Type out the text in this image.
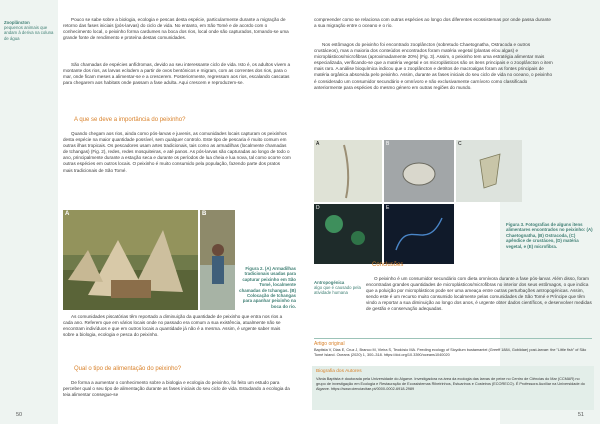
Zooplâncton
pequenos animais que andam à deriva na coluna de água

Pouco se sabe sobre a biologia, ecologia e pescas desta espécie, particularmente durante a migração de retorno das fases iniciais (pós-larvas) do ciclo de vida. No entanto, em São Tomé e de acordo com o conhecimento local, o peixinho forma cardumes na boca dos rios, local onde são capturados, tornando-se uma grande fonte de rendimento e proteína destas comunidades.

São chamadas de espécies anfídromas, devido ao seu interessante ciclo de vida. Isto é, os adultos vivem a montante dos rios, as larvas eclodem a partir de ovos bentónicos e migram, com as correntes dos rios, para o mar, onde ficam meses a alimentar-se e a crescerem. Posteriormente, regressam aos rios, escalando cascatas para chegarem aos habitats onde passam a fase adulta. Aqui crescem e reproduzem-se.

A que se deve a importância do peixinho?

Quando chegam aos rios, ainda como pós-larvas e juvenis, as comunidades locais capturam os peixinhos desta espécie na maior quantidade possível, sem qualquer controlo. Este tipo de pescaria é muito comum em outras ilhas tropicais. Os pescadores usam artes tradicionais, tais como as armadilhas (localmente chamadas de tchangas) (Fig. 2), redes, redes mosquiteiras, e até panos. As pós-larvas são capturadas ao longo de todo o ano, principalmente durante a estação seca e durante os períodos de lua cheia e lua nova, tal como ocorre com outras espécies em outros locais. O peixinho é muito consumido pela população, fazendo parte dos pratos mais tradicionais de São Tomé.

A	B
Figura 2. (A) Armadilhas tradicionais usadas para capturar peixinho em São Tomé, localmente chamadas de tchangas. (B) Colocação de tchangas para apanhar peixinho na boca do rio.

As comunidades piscatórias têm reportado a diminuição da quantidade de peixinho que entra nos rios a cada ano. Referem que em vários locais onde no passado era comum a sua existência, atualmente não se encontram indivíduos e que em outros locais a quantidade já não é a mesma. Assim, é urgente saber mais sobre a biologia, ecologia e pesca do peixinho.

Qual o tipo de alimentação do peixinho?

De forma a aumentar o conhecimento sobre a biologia e ecologia do peixinho, foi feito um estudo para perceber qual o seu tipo de alimentação durante as fases iniciais do seu ciclo de vida. Estudando a ecologia da teia alimentar consegue-se

50

compreender como se relaciona com outras espécies ao longo dos diferentes ecossistemas por onde passa durante a sua migração entre o oceano e o rio.

Nos estômagos do peixinho foi encontrado zooplâncton (sobretudo Chaetognatha, Ostracoda e outros crustáceos), mas a maioria dos conteúdos encontrados foram matéria vegetal (plantas e/ou algas) e microplásticos/microfibras (aproximadamente 20%) (Fig. 3). Assim, o peixinho tem uma estratégia alimentar mais especializada, verificando-se que a matéria vegetal e os microplásticos são os itens principais e o zooplâncton o item mais raro. A análise bioquímica indicou que o zooplâncton e detritos de macroalgas foram as fontes principais de matéria orgânica absorvida pelo peixinho. Assim, durante as fases iniciais do seu ciclo de vida no oceano, o peixinho é considerado um consumidor secundário e omnívoro e não exclusivamente carnívoro como classificado anteriormente para espécies do mesmo género em outras regiões do mundo.

A	B	C
D	E
Figura 3. Fotografias de alguns itens alimentares encontrados no peixinho: (A) Chaetognatha, (B) Ostracoda, (C) apêndice de crustáceo, (D) matéria vegetal, e (E) microfibra.
Antropogénica
algo que é causado pela atividade humana
Conclusões

O peixinho é um consumidor secundário com dieta omnívora durante a fase pós-larvar. Além disso, foram encontradas grandes quantidades de microplásticos/microfibras no interior dos seus estômagos, o que indica que a poluição por microplásticos pode ser uma ameaça entre outras perturbações antropogénicas. Assim, sendo este é um recurso muito consumido localmente pelas comunidades de São Tomé e Príncipe que têm vindo a reportar a sua diminuição ao longo dos anos, é urgente obter dados científicos, e desenvolver medidas de gestão e conservação adequadas.

Artigo original
Baptista V, Dias E, Cruz J, Branco M, Vieira S, Teodósio MA. Feeding ecology of Sicydium bustamantei (Greeff 1884, Gobiidae) post-larvae: the "Little fish" of São Tomé Island. Oceans (2020) 1, 300–318. https://doi.org/10.3390/oceans1040020
Biografia dos Autores
Vânia Baptista é doutorada pela Universidade do Algarve. Investigadora na área da ecologia das larvas de peixe no Centro de Ciências do Mar (CCMAR) no grupo de investigação em Ecologia e Restauração de Ecossistemas Ribeirinhos, Estuarinos e Costeiros (ECORECO). É Professora Auxiliar na Universidade do Algarve. https://www.cienciavitae.pt/0000-0002-6918-2989
51
